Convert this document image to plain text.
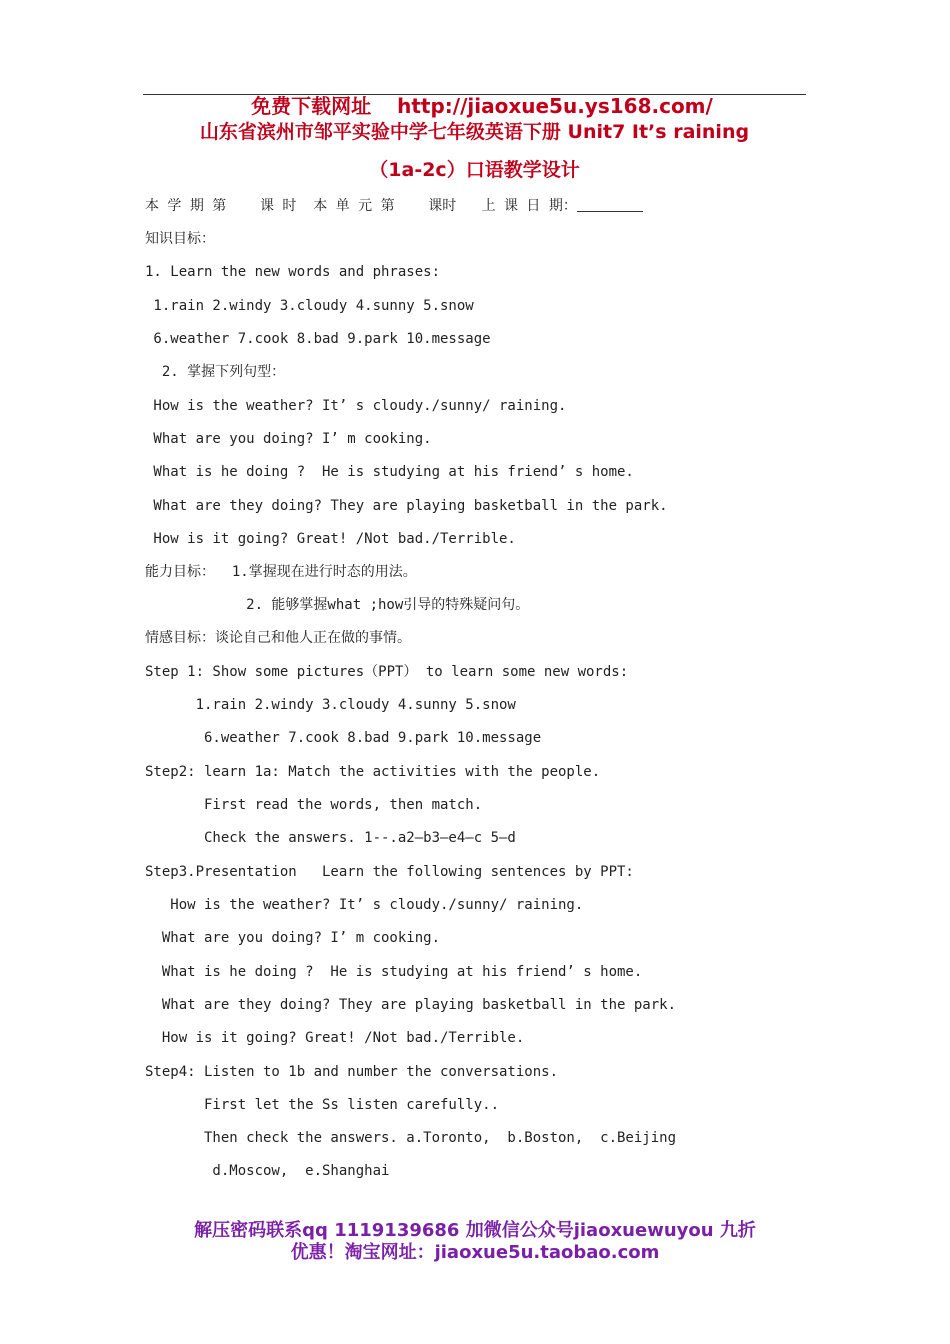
免费下载网址 http://jiaoxue5u.ys168.com/

山东省滨州市邹平实验中学七年级英语下册 Unit7 It’s raining
（1a-2c）口语教学设计
本 学 期 第    课 时  本 单 元 第    课时   上 课 日 期：
知识目标：
1. Learn the new words and phrases:
1.rain 2.windy 3.cloudy 4.sunny 5.snow
6.weather 7.cook 8.bad 9.park 10.message
2. 掌握下列句型：
How is the weather? It’ s cloudy./sunny/ raining.
What are you doing? I’ m cooking.
What is he doing ?  He is studying at his friend’ s home.
What are they doing? They are playing basketball in the park.
How is it going? Great! /Not bad./Terrible.
能力目标：  1.掌握现在进行时态的用法。
2. 能够掌握what ;how引导的特殊疑问句。
情感目标：谈论自己和他人正在做的事情。
Step 1: Show some pictures（PPT） to learn some new words:
1.rain 2.windy 3.cloudy 4.sunny 5.snow
6.weather 7.cook 8.bad 9.park 10.message
Step2: learn 1a: Match the activities with the people.
First read the words, then match.
Check the answers. 1--.a2—b3—e4—c 5—d
Step3.Presentation   Learn the following sentences by PPT:
How is the weather? It’ s cloudy./sunny/ raining.
What are you doing? I’ m cooking.
What is he doing ?  He is studying at his friend’ s home.
What are they doing? They are playing basketball in the park.
How is it going? Great! /Not bad./Terrible.
Step4: Listen to 1b and number the conversations.
First let the Ss listen carefully..
Then check the answers. a.Toronto,  b.Boston,  c.Beijing
d.Moscow,  e.Shanghai
解压密码联系qq 1119139686 加微信公众号jiaoxuewuyou 九折
优惠！淘宝网址：jiaoxue5u.taobao.com
